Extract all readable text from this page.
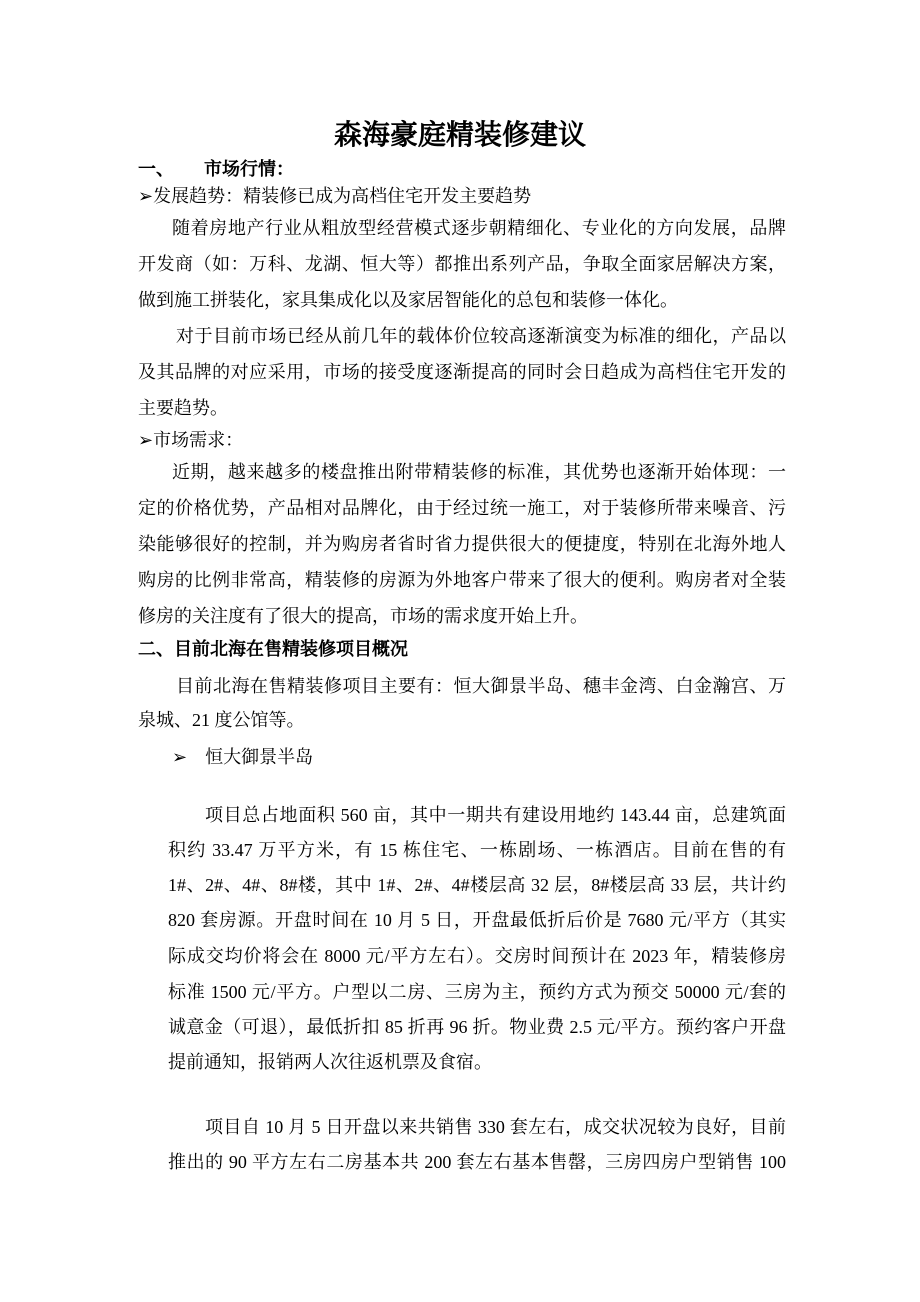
森海豪庭精装修建议
一、 市场行情：
➢发展趋势：精装修已成为高档住宅开发主要趋势
随着房地产行业从粗放型经营模式逐步朝精细化、专业化的方向发展，品牌
开发商（如：万科、龙湖、恒大等）都推出系列产品，争取全面家居解决方案，
做到施工拼装化，家具集成化以及家居智能化的总包和装修一体化。
对于目前市场已经从前几年的载体价位较高逐渐演变为标准的细化，产品以
及其品牌的对应采用，市场的接受度逐渐提高的同时会日趋成为高档住宅开发的
主要趋势。
➢市场需求：
近期，越来越多的楼盘推出附带精装修的标准，其优势也逐渐开始体现：一
定的价格优势，产品相对品牌化，由于经过统一施工，对于装修所带来噪音、污
染能够很好的控制，并为购房者省时省力提供很大的便捷度，特别在北海外地人
购房的比例非常高，精装修的房源为外地客户带来了很大的便利。购房者对全装
修房的关注度有了很大的提高，市场的需求度开始上升。
二、目前北海在售精装修项目概况
目前北海在售精装修项目主要有：恒大御景半岛、穗丰金湾、白金瀚宫、万
泉城、21 度公馆等。
➢　恒大御景半岛
项目总占地面积 560 亩，其中一期共有建设用地约 143.44 亩，总建筑面
积约 33.47 万平方米，有 15 栋住宅、一栋剧场、一栋酒店。目前在售的有
1#、2#、4#、8#楼，其中 1#、2#、4#楼层高 32 层，8#楼层高 33 层，共计约
820 套房源。开盘时间在 10 月 5 日，开盘最低折后价是 7680 元/平方（其实
际成交均价将会在 8000 元/平方左右）。交房时间预计在 2023 年，精装修房
标准 1500 元/平方。户型以二房、三房为主，预约方式为预交 50000 元/套的
诚意金（可退），最低折扣 85 折再 96 折。物业费 2.5 元/平方。预约客户开盘
提前通知，报销两人次往返机票及食宿。
项目自 10 月 5 日开盘以来共销售 330 套左右，成交状况较为良好，目前
推出的 90 平方左右二房基本共 200 套左右基本售罄，三房四房户型销售 100
